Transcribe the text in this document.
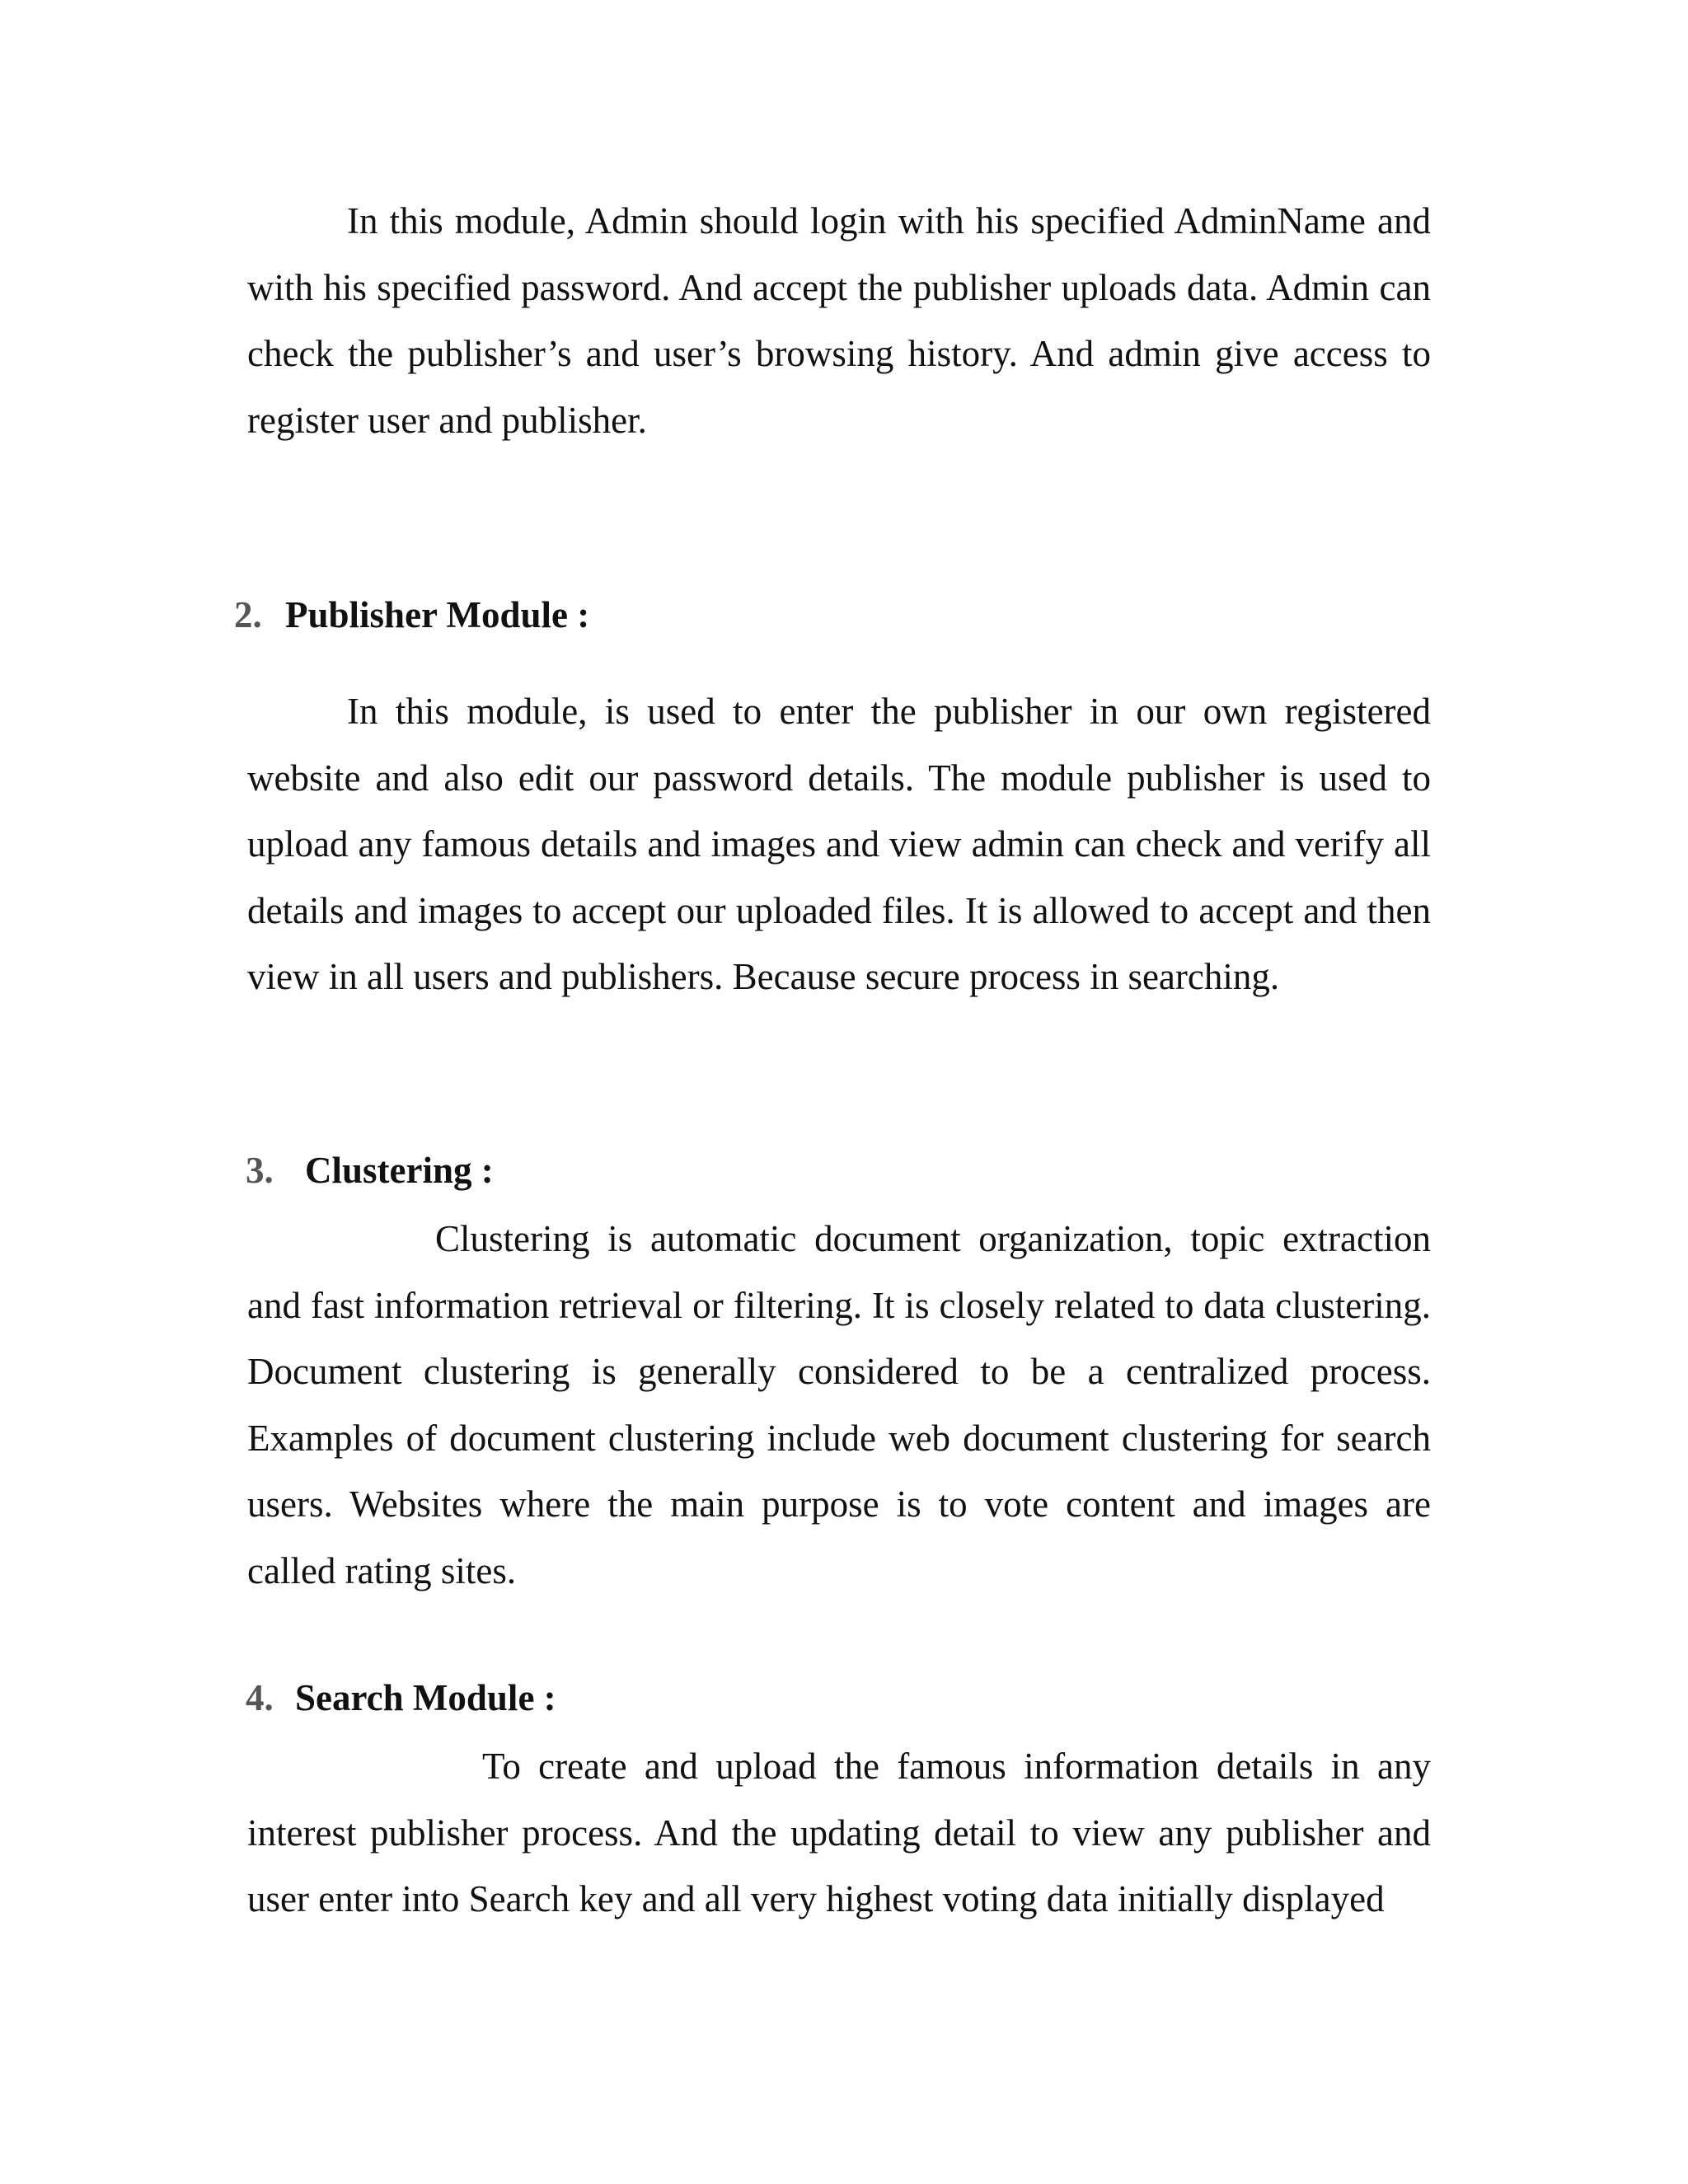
In this module, Admin should login with his specified AdminName and with his specified password. And accept the publisher uploads data. Admin can check the publisher’s and user’s browsing history. And admin give access to register user and publisher.

2. Publisher Module :

In this module, is used to enter the publisher in our own registered website and also edit our password details. The module publisher is used to upload any famous details and images and view admin can check and verify all details and images to accept our uploaded files. It is allowed to accept and then view in all users and publishers. Because secure process in searching.

3. Clustering :

Clustering is automatic document organization, topic extraction and fast information retrieval or filtering. It is closely related to data clustering. Document clustering is generally considered to be a centralized process. Examples of document clustering include web document clustering for search users. Websites where the main purpose is to vote content and images are called rating sites.

4. Search Module :

To create and upload the famous information details in any interest publisher process. And the updating detail to view any publisher and user enter into Search key and all very highest voting data initially displayed
